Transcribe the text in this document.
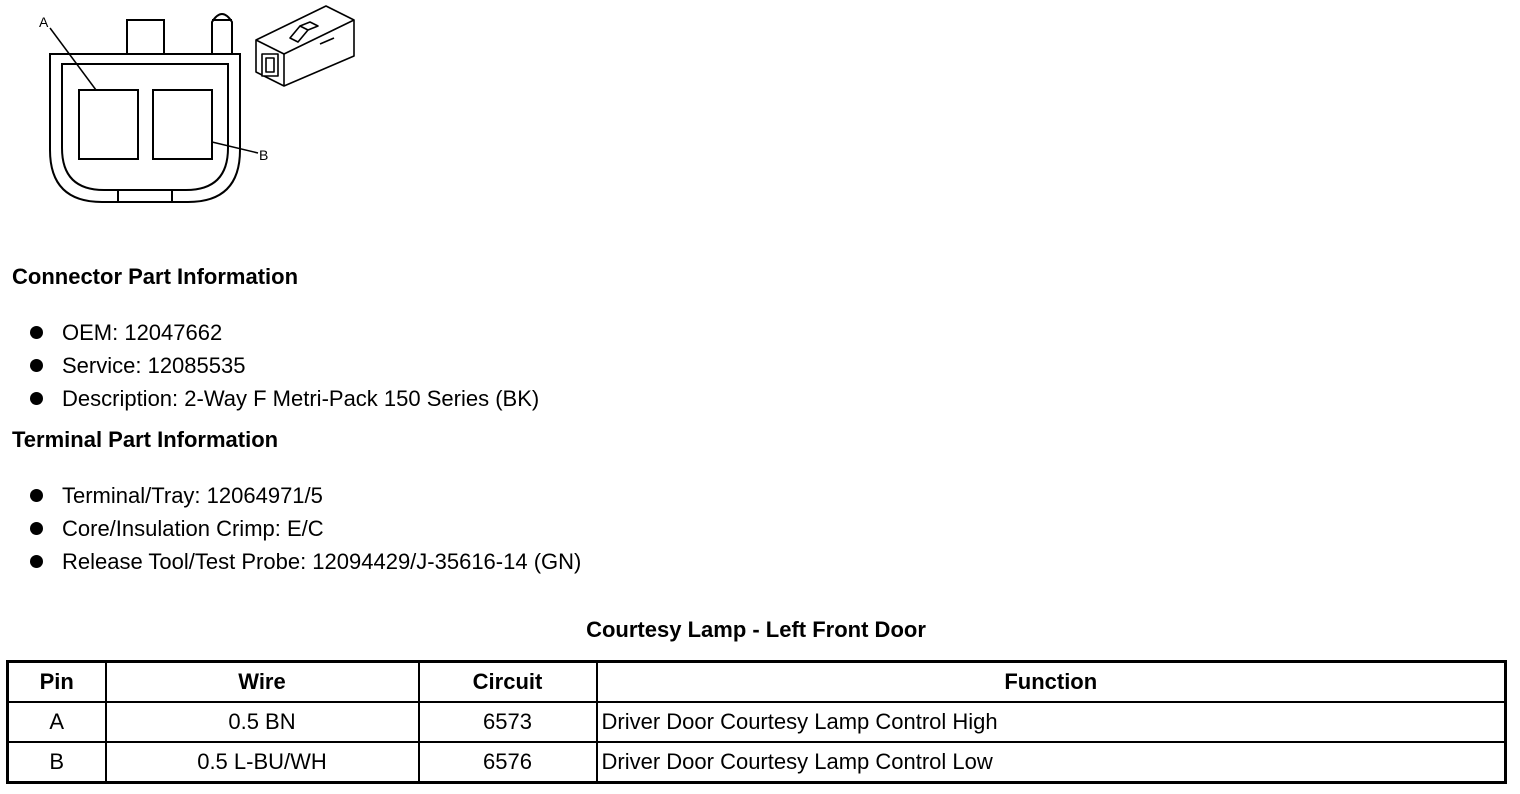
A
B
Connector Part Information
OEM: 12047662
Service: 12085535
Description: 2-Way F Metri-Pack 150 Series (BK)
Terminal Part Information
Terminal/Tray: 12064971/5
Core/Insulation Crimp: E/C
Release Tool/Test Probe: 12094429/J-35616-14 (GN)
Courtesy Lamp - Left Front Door
Pin	Wire	Circuit	Function
A	0.5 BN	6573	Driver Door Courtesy Lamp Control High
B	0.5 L-BU/WH	6576	Driver Door Courtesy Lamp Control Low
